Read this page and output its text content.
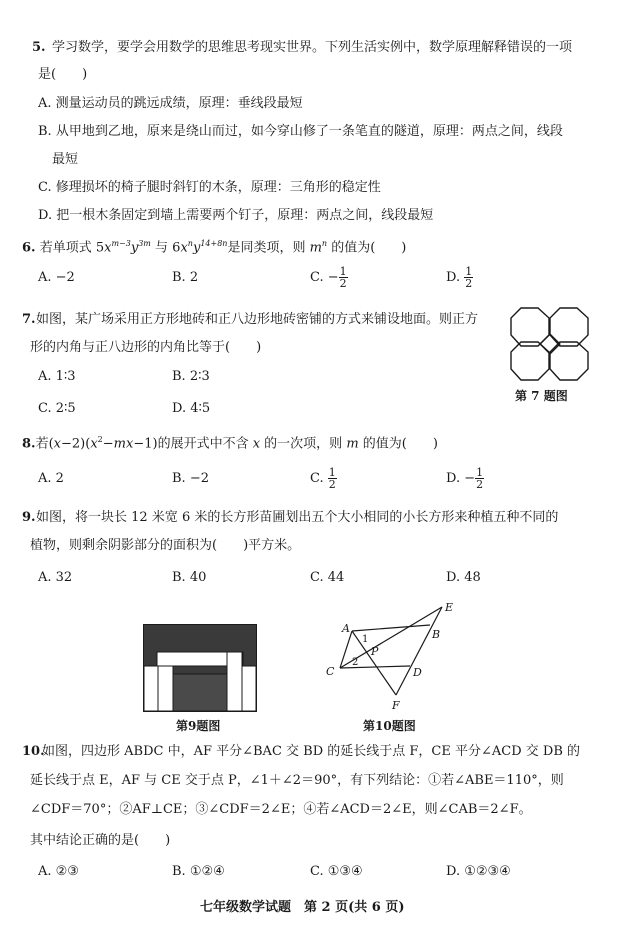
5. 学习数学，要学会用数学的思维思考现实世界。下列生活实例中，数学原理解释错误的一项
是(　　)
A. 测量运动员的跳远成绩，原理：垂线段最短
B. 从甲地到乙地，原来是绕山而过，如今穿山修了一条笔直的隧道，原理：两点之间，线段
最短
C. 修理损坏的椅子腿时斜钉的木条，原理：三角形的稳定性
D. 把一根木条固定到墙上需要两个钉子，原理：两点之间，线段最短
6. 若单项式 $5x^{m-3}y^{3m}$ 与 $6x^ny^{14+8n}$是同类项，则 $m^n$ 的值为(　　)
A. −2	B. 2	C. − $\frac{1}{2}$	D. $\frac{1}{2}$
7. 如图，某广场采用正方形地砖和正八边形地砖密铺的方式来铺设地面。则正方
形的内角与正八边形的内角比等于(　　)
A. 1∶3	B. 2∶3
C. 2∶5	D. 4∶5
第 7 题图
8.若$(x-2)(x^2-mx-1)$的展开式中不含 x 的一次项，则 m 的值为(　　)
A. 2	B. −2	C. $\frac{1}{2}$	D. − $\frac{1}{2}$
9. 如图，将一块长 12 米宽 6 米的长方形苗圃划出五个大小相同的小长方形来种植五种不同的
植物，则剩余阴影部分的面积为(　　)平方米。
A. 32	B. 40	C. 44	D. 48
第9题图
A	B
C	D
E
F
P
1
2
第10题图
10.
如图，四边形 ABDC 中，AF 平分∠BAC 交 BD 的延长线于点 F，CE 平分∠ACD 交 DB 的
延长线于点 E，AF 与 CE 交于点 P，∠1＋∠2＝90°，有下列结论：①若∠ABE＝110°，则
∠CDF＝70°；②AF⊥CE；③∠CDF＝2∠E；④若∠ACD＝2∠E，则∠CAB＝2∠F。
其中结论正确的是(　　)
A. ②③	B. ①②④	C. ①③④	D. ①②③④
七年级数学试题　第 2 页(共 6 页)
